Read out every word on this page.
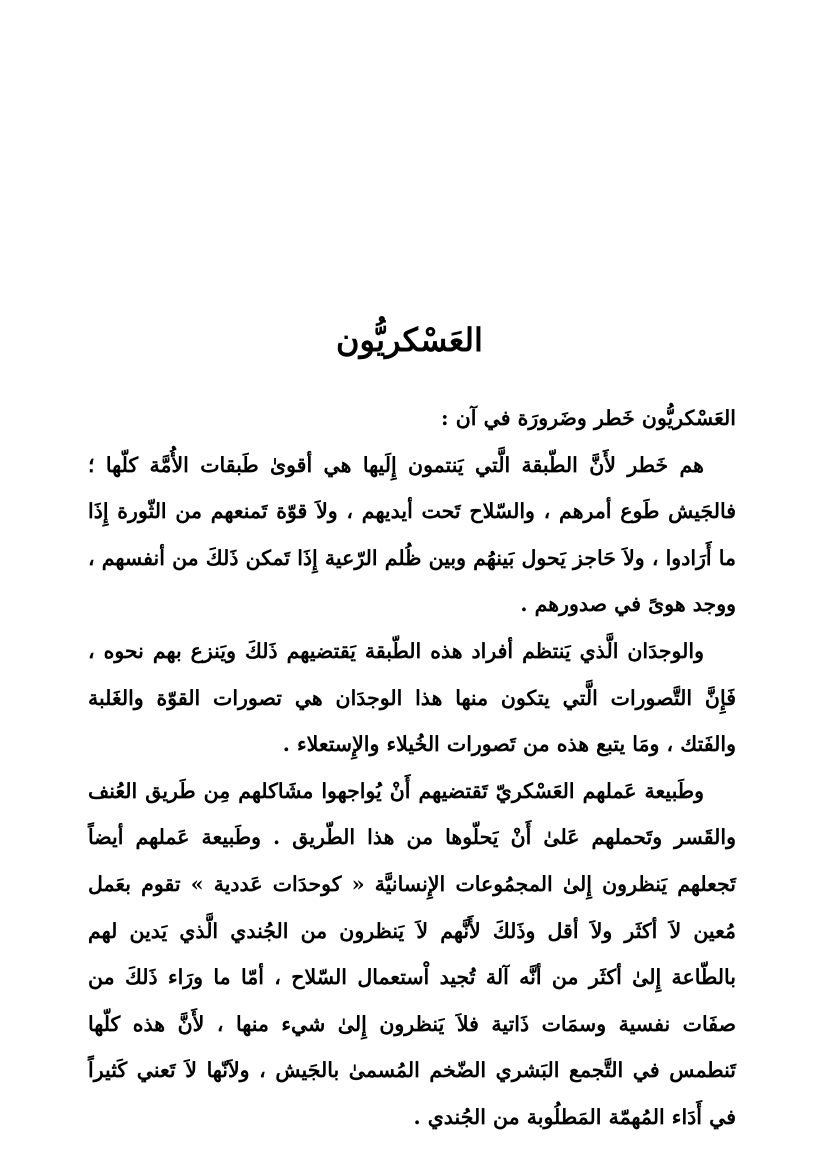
العَسْكريُّون

العَسْكريُّون خَطر وضَرورَة في آن :

هم خَطر لأَنَّ الطّبقة الَّتي يَنتمون إِلَيها هي أقوىٰ طَبقات الأُمَّة كلّها ؛ فالجَيش طَوع أمرهم ، والسّلاح تَحت أيديهم ، ولاَ قوّة تَمنعهم من الثّورة إِذَا ما أَرَادوا ، ولاَ حَاجز يَحول بَينهُم وبين ظُلم الرّعية إِذَا تَمكن ذَلكَ من أنفسهم ، ووجد هوىً في صدورهم .

والوجدَان الَّذي يَنتظم أفراد هذه الطّبقة يَقتضيهم ذَلكَ ويَنزع بهم نحوه ، فَإِنَّ التَّصورات الَّتي يتكون منها هذا الوجدَان هي تصورات القوّة والغَلبة والفَتك ، ومَا يتبع هذه من تَصورات الخُيلاء والإِستعلاء .

وطَبيعة عَملهم العَسْكريّ تَقتضيهم أَنْ يُواجهوا مشَاكلهم مِن طَريق العُنف والقَسر وتَحملهم عَلىٰ أَنْ يَحلّوها من هذا الطّريق . وطَبيعة عَملهم أيضاً تَجعلهم يَنظرون إِلىٰ المجمُوعات الإِنسانيَّة « كوحدَات عَددية » تقوم بعَمل مُعين لاَ أكثَر ولاَ أقل وذَلكَ لأَنَّهم لاَ يَنظرون من الجُندي الَّذي يَدين لهم بالطّاعة إِلىٰ أكثَر من أنَّه آلة تُجيد اْستعمال السّلاح ، أمّا ما ورَاء ذَلكَ من صفَات نفسية وسمَات ذَاتية فلاَ يَنظرون إِلىٰ شيء منها ، لأَنَّ هذه كلّها تَنطمس في التَّجمع البَشري الضّخم المُسمىٰ بالجَيش ، ولاَنّها لاَ تَعني كَثيراً في أَدَاء المُهمّة المَطلُوبة من الجُندي .
